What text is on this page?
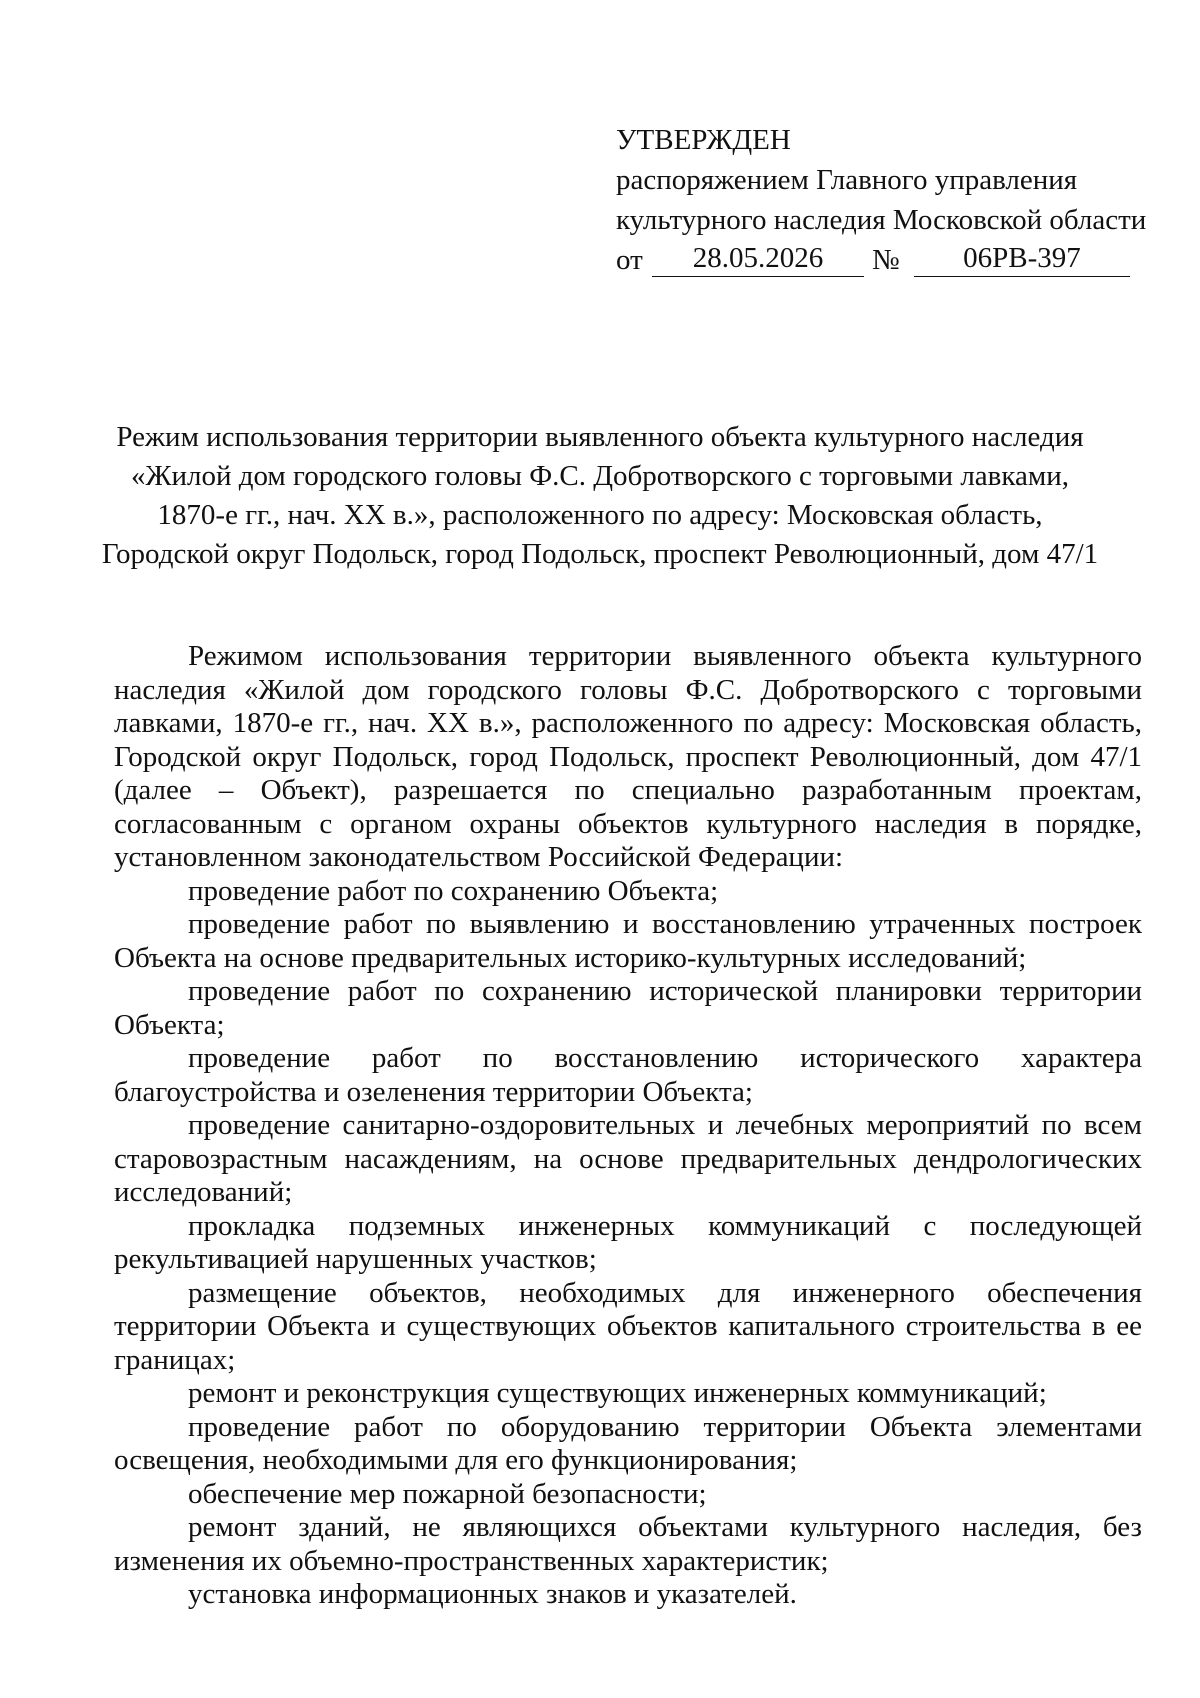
УТВЕРЖДЕН
распоряжением Главного управления
культурного наследия Московской области
от	28.05.2026	№	06РВ-397
Режим использования территории выявленного объекта культурного наследия
«Жилой дом городского головы Ф.С. Добротворского с торговыми лавками,
1870-е гг., нач. XX в.», расположенного по адресу: Московская область,
Городской округ Подольск, город Подольск, проспект Революционный, дом 47/1

Режимом использования территории выявленного объекта культурного наследия «Жилой дом городского головы Ф.С. Добротворского с торговыми лавками, 1870-е гг., нач. XX в.», расположенного по адресу: Московская область, Городской округ Подольск, город Подольск, проспект Революционный, дом 47/1 (далее – Объект), разрешается по специально разработанным проектам, согласованным с органом охраны объектов культурного наследия в порядке, установленном законодательством Российской Федерации:

проведение работ по сохранению Объекта;

проведение работ по выявлению и восстановлению утраченных построек Объекта на основе предварительных историко-культурных исследований;

проведение работ по сохранению исторической планировки территории Объекта;

проведение работ по восстановлению исторического характера благоустройства и озеленения территории Объекта;

проведение санитарно-оздоровительных и лечебных мероприятий по всем старовозрастным насаждениям, на основе предварительных дендрологических исследований;

прокладка подземных инженерных коммуникаций с последующей рекультивацией нарушенных участков;

размещение объектов, необходимых для инженерного обеспечения территории Объекта и существующих объектов капитального строительства в ее границах;

ремонт и реконструкция существующих инженерных коммуникаций;

проведение работ по оборудованию территории Объекта элементами освещения, необходимыми для его функционирования;

обеспечение мер пожарной безопасности;

ремонт зданий, не являющихся объектами культурного наследия, без изменения их объемно-пространственных характеристик;

установка информационных знаков и указателей.
